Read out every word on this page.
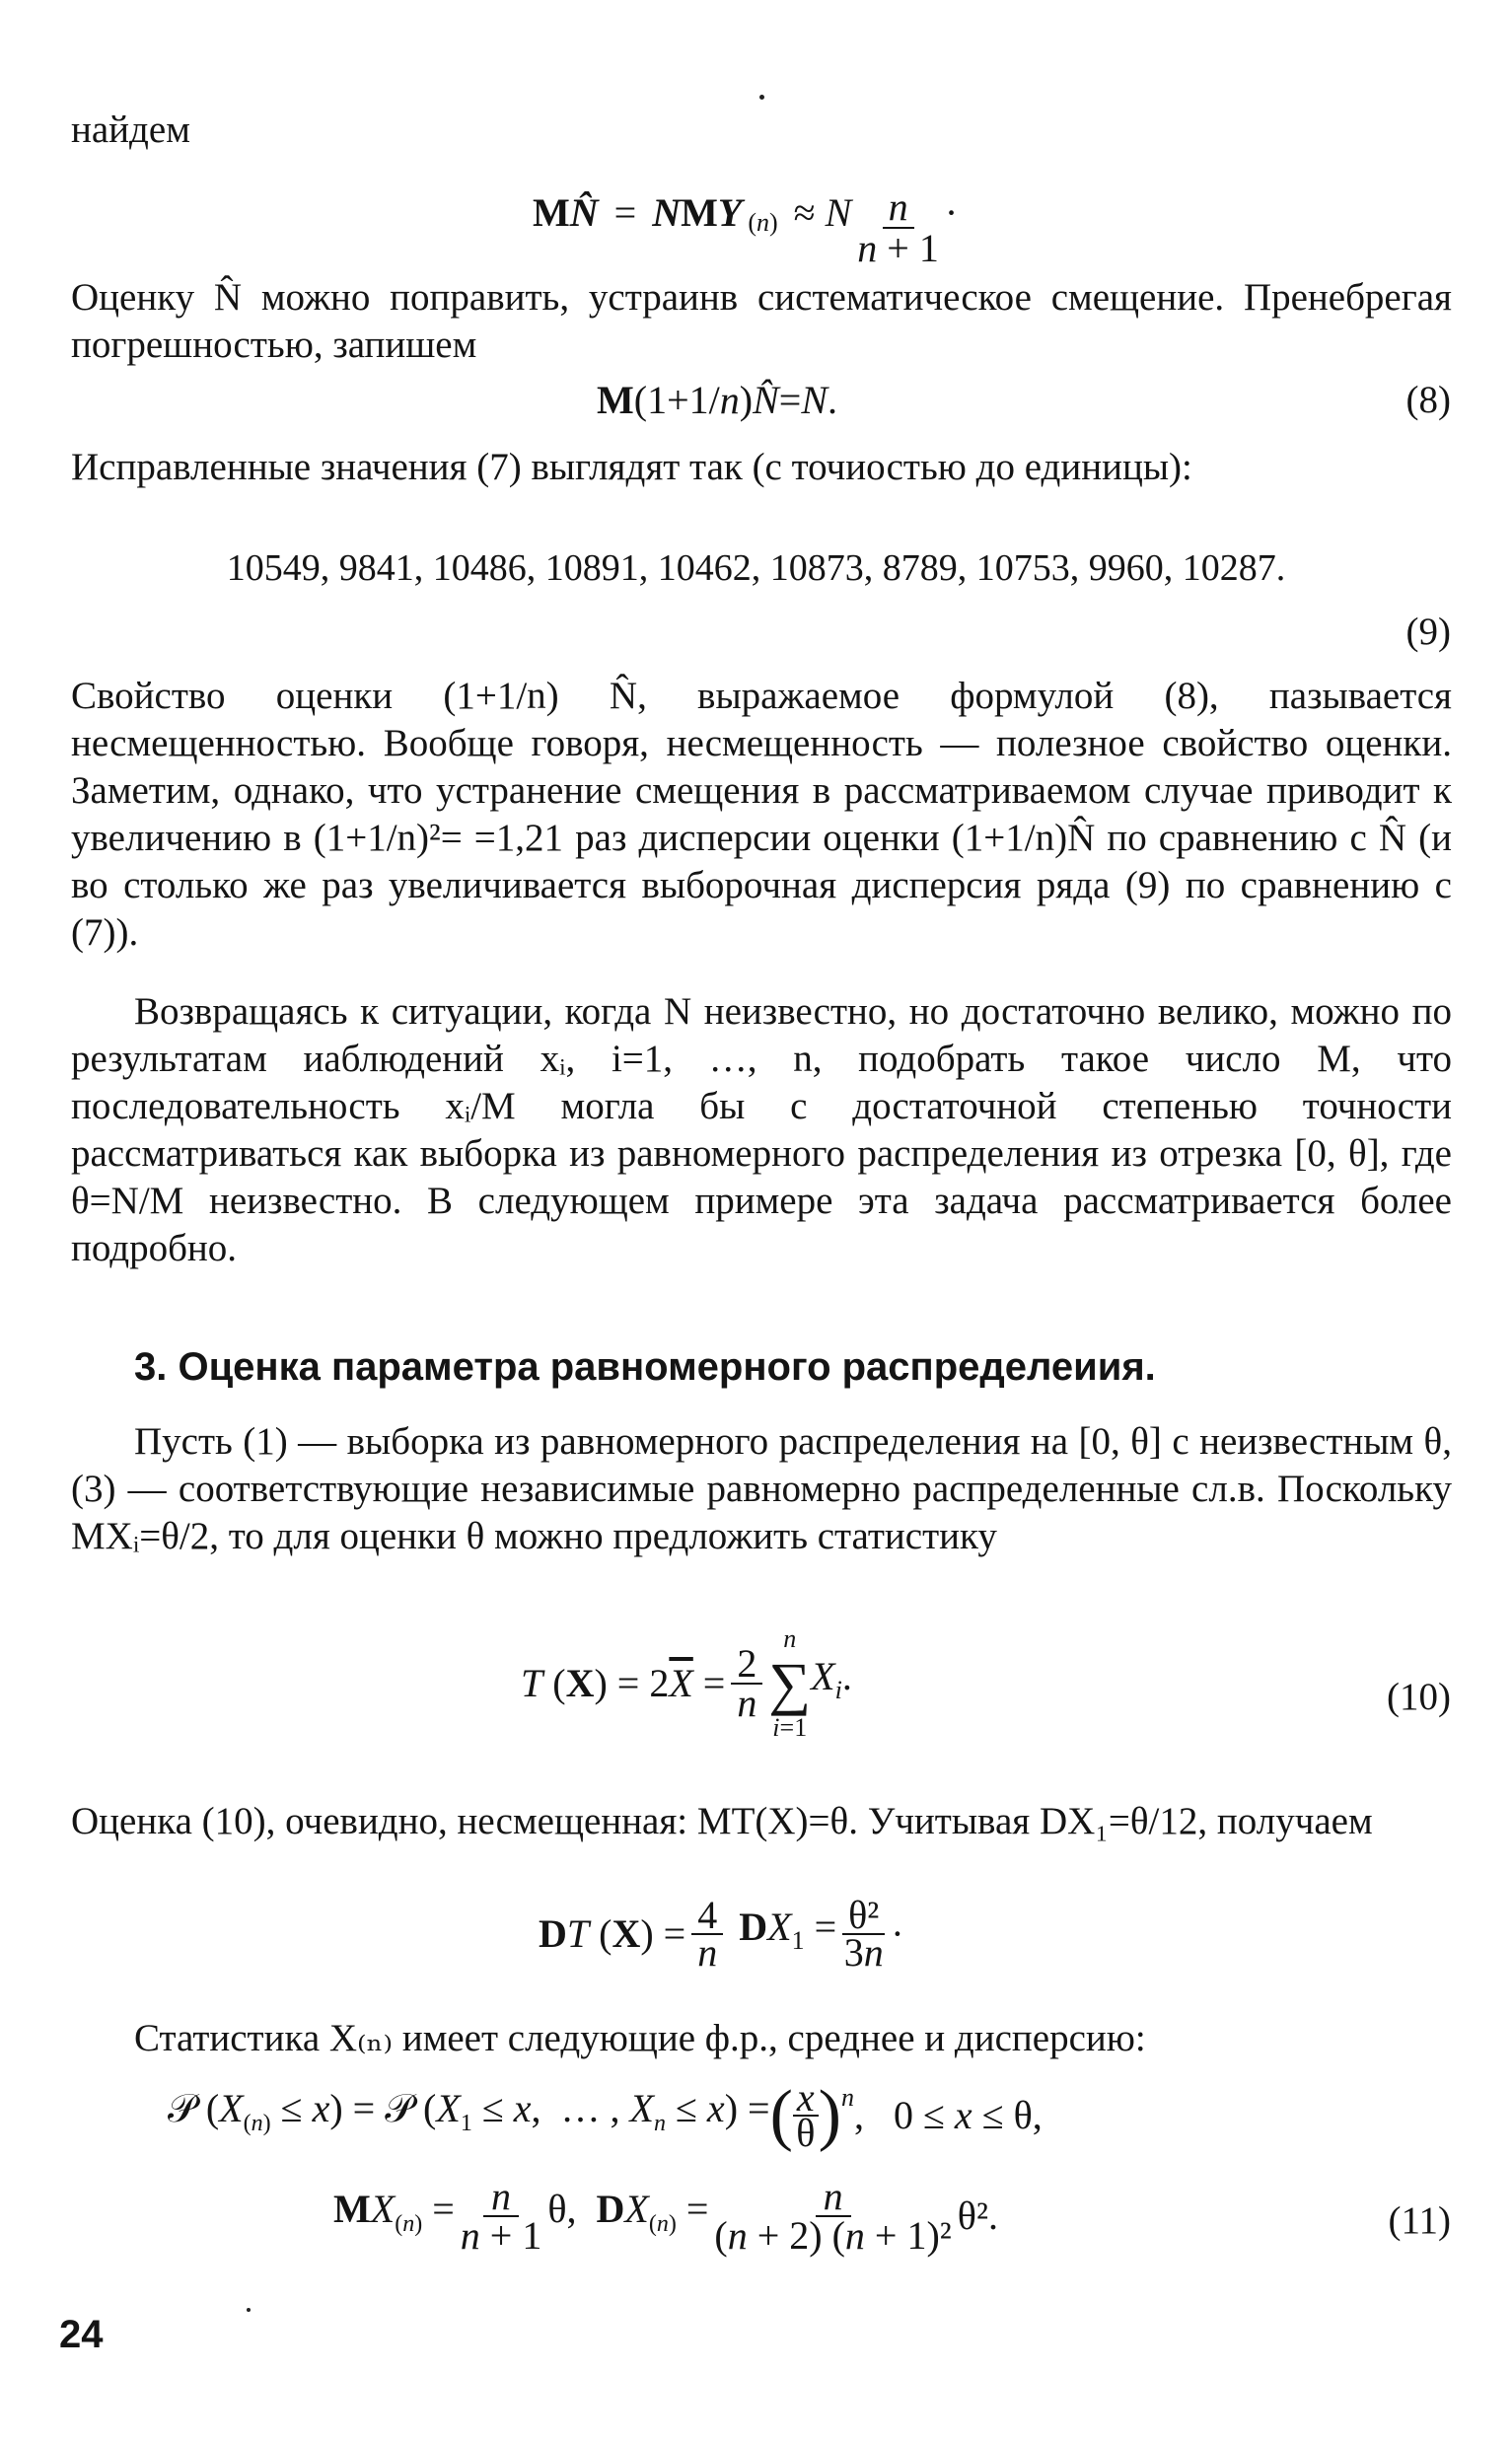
найдем
MN̂ = NMY (n) ≈ N n
n + 1
·
Оценку N̂ можно поправить, устраинв систематическое смещение. Пренебрегая погрешностью, запишем
M(1+1/n)N̂=N.	(8)
Исправленные значения (7) выглядят так (с точиостью до единицы):
10549, 9841, 10486, 10891, 10462, 10873, 8789, 10753, 9960, 10287.
(9)
Свойство оценки (1+1/n) N̂, выражаемое формулой (8), пазывается несмещенностью. Вообще говоря, несмещенность — полезное свойство оценки. Заметим, однако, что устранение смещения в рассматриваемом случае приводит к увеличению в (1+1/n)²= =1,21 раз дисперсии оценки (1+1/n)N̂ по сравнению с N̂ (и во столько же раз увеличивается выборочная дисперсия ряда (9) по сравнению с (7)).
Возвращаясь к ситуации, когда N неизвестно, но достаточно велико, можно по результатам иаблюдений xᵢ, i=1, …, n, подобрать такое число M, что последовательность xᵢ/M могла бы с достаточной степенью точности рассматриваться как выборка из равномерного распределения из отрезка [0, θ], где θ=N/M неизвестно. В следующем примере эта задача рассматривается более подробно.
3. Оценка параметра равномерного распределеиия.
Пусть (1) — выборка из равномерного распределения на [0, θ] с неизвестным θ, (3) — соответствующие независимые равномерно распределенные сл.в. Поскольку MXᵢ=θ/2, то для оценки θ можно предложить статистику
T $(X) = 2\overline{X} = \frac{2}{n}$
n
∑
i=1
$X_i$.	(10)
Оценка (10), очевидно, несмещенная: MT(X)=θ. Учитывая DX₁=θ/12, получаем
DT $(X) = \frac{4}{n} DX_1 = \frac{\text{θ²}}{3n}$ ·
Статистика X₍ₙ₎ имеет следующие ф.р., среднее и дисперсию:
𝒫 $(X_{(n)} \le x)$ = 𝒫 ($X_1 \le x$,  … , $X_n \le x$) = ( x
θ ) $^n$ ,   0 ≤ x ≤ θ,
$MX_{(n)} = \frac{n}{n + 1} \theta$,  $DX_{(n)} = \frac{n}{\text{(n + 2) (n + 1)²}} \theta^2$.	(11)
24
